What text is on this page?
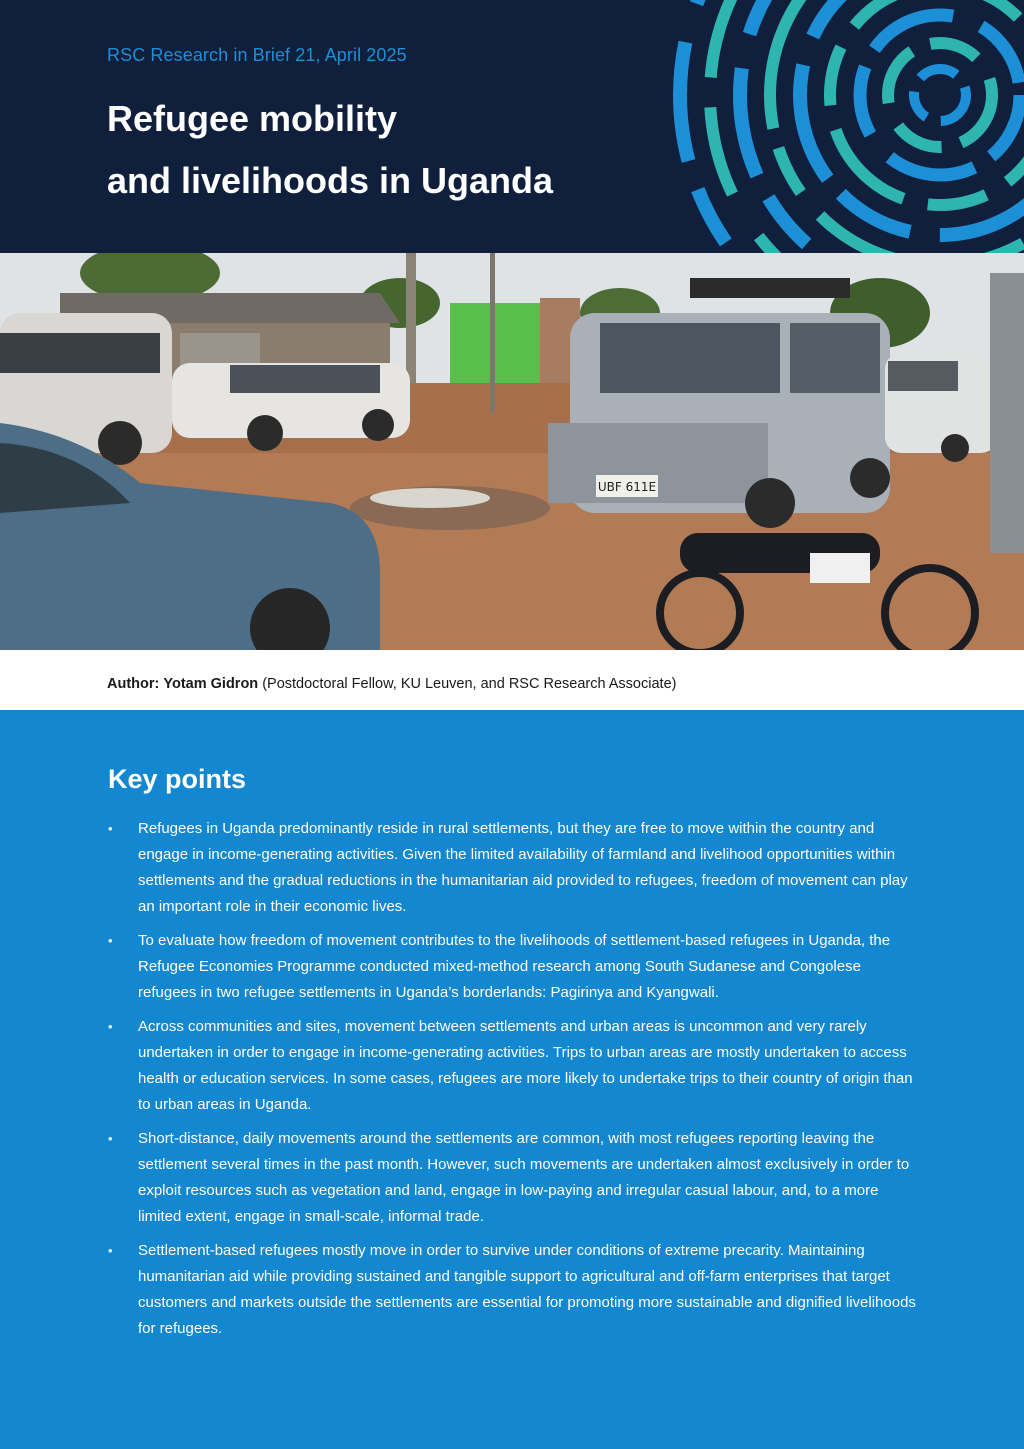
RSC Research in Brief 21, April 2025
Refugee mobility
and livelihoods in Uganda
UBF 611E
Author: Yotam Gidron (Postdoctoral Fellow, KU Leuven, and RSC Research Associate)
Key points
• Refugees in Uganda predominantly reside in rural settlements, but they are free to move within the country and engage in income-generating activities. Given the limited availability of farmland and livelihood opportunities within settlements and the gradual reductions in the humanitarian aid provided to refugees, freedom of movement can play an important role in their economic lives.
• To evaluate how freedom of movement contributes to the livelihoods of settlement-based refugees in Uganda, the Refugee Economies Programme conducted mixed-method research among South Sudanese and Congolese refugees in two refugee settlements in Uganda’s borderlands: Pagirinya and Kyangwali.
• Across communities and sites, movement between settlements and urban areas is uncommon and very rarely undertaken in order to engage in income-generating activities. Trips to urban areas are mostly undertaken to access health or education services. In some cases, refugees are more likely to undertake trips to their country of origin than to urban areas in Uganda.
• Short-distance, daily movements around the settlements are common, with most refugees reporting leaving the settlement several times in the past month. However, such movements are undertaken almost exclusively in order to exploit resources such as vegetation and land, engage in low-paying and irregular casual labour, and, to a more limited extent, engage in small-scale, informal trade.
• Settlement-based refugees mostly move in order to survive under conditions of extreme precarity. Maintaining humanitarian aid while providing sustained and tangible support to agricultural and off-farm enterprises that target customers and markets outside the settlements are essential for promoting more sustainable and dignified livelihoods for refugees.
